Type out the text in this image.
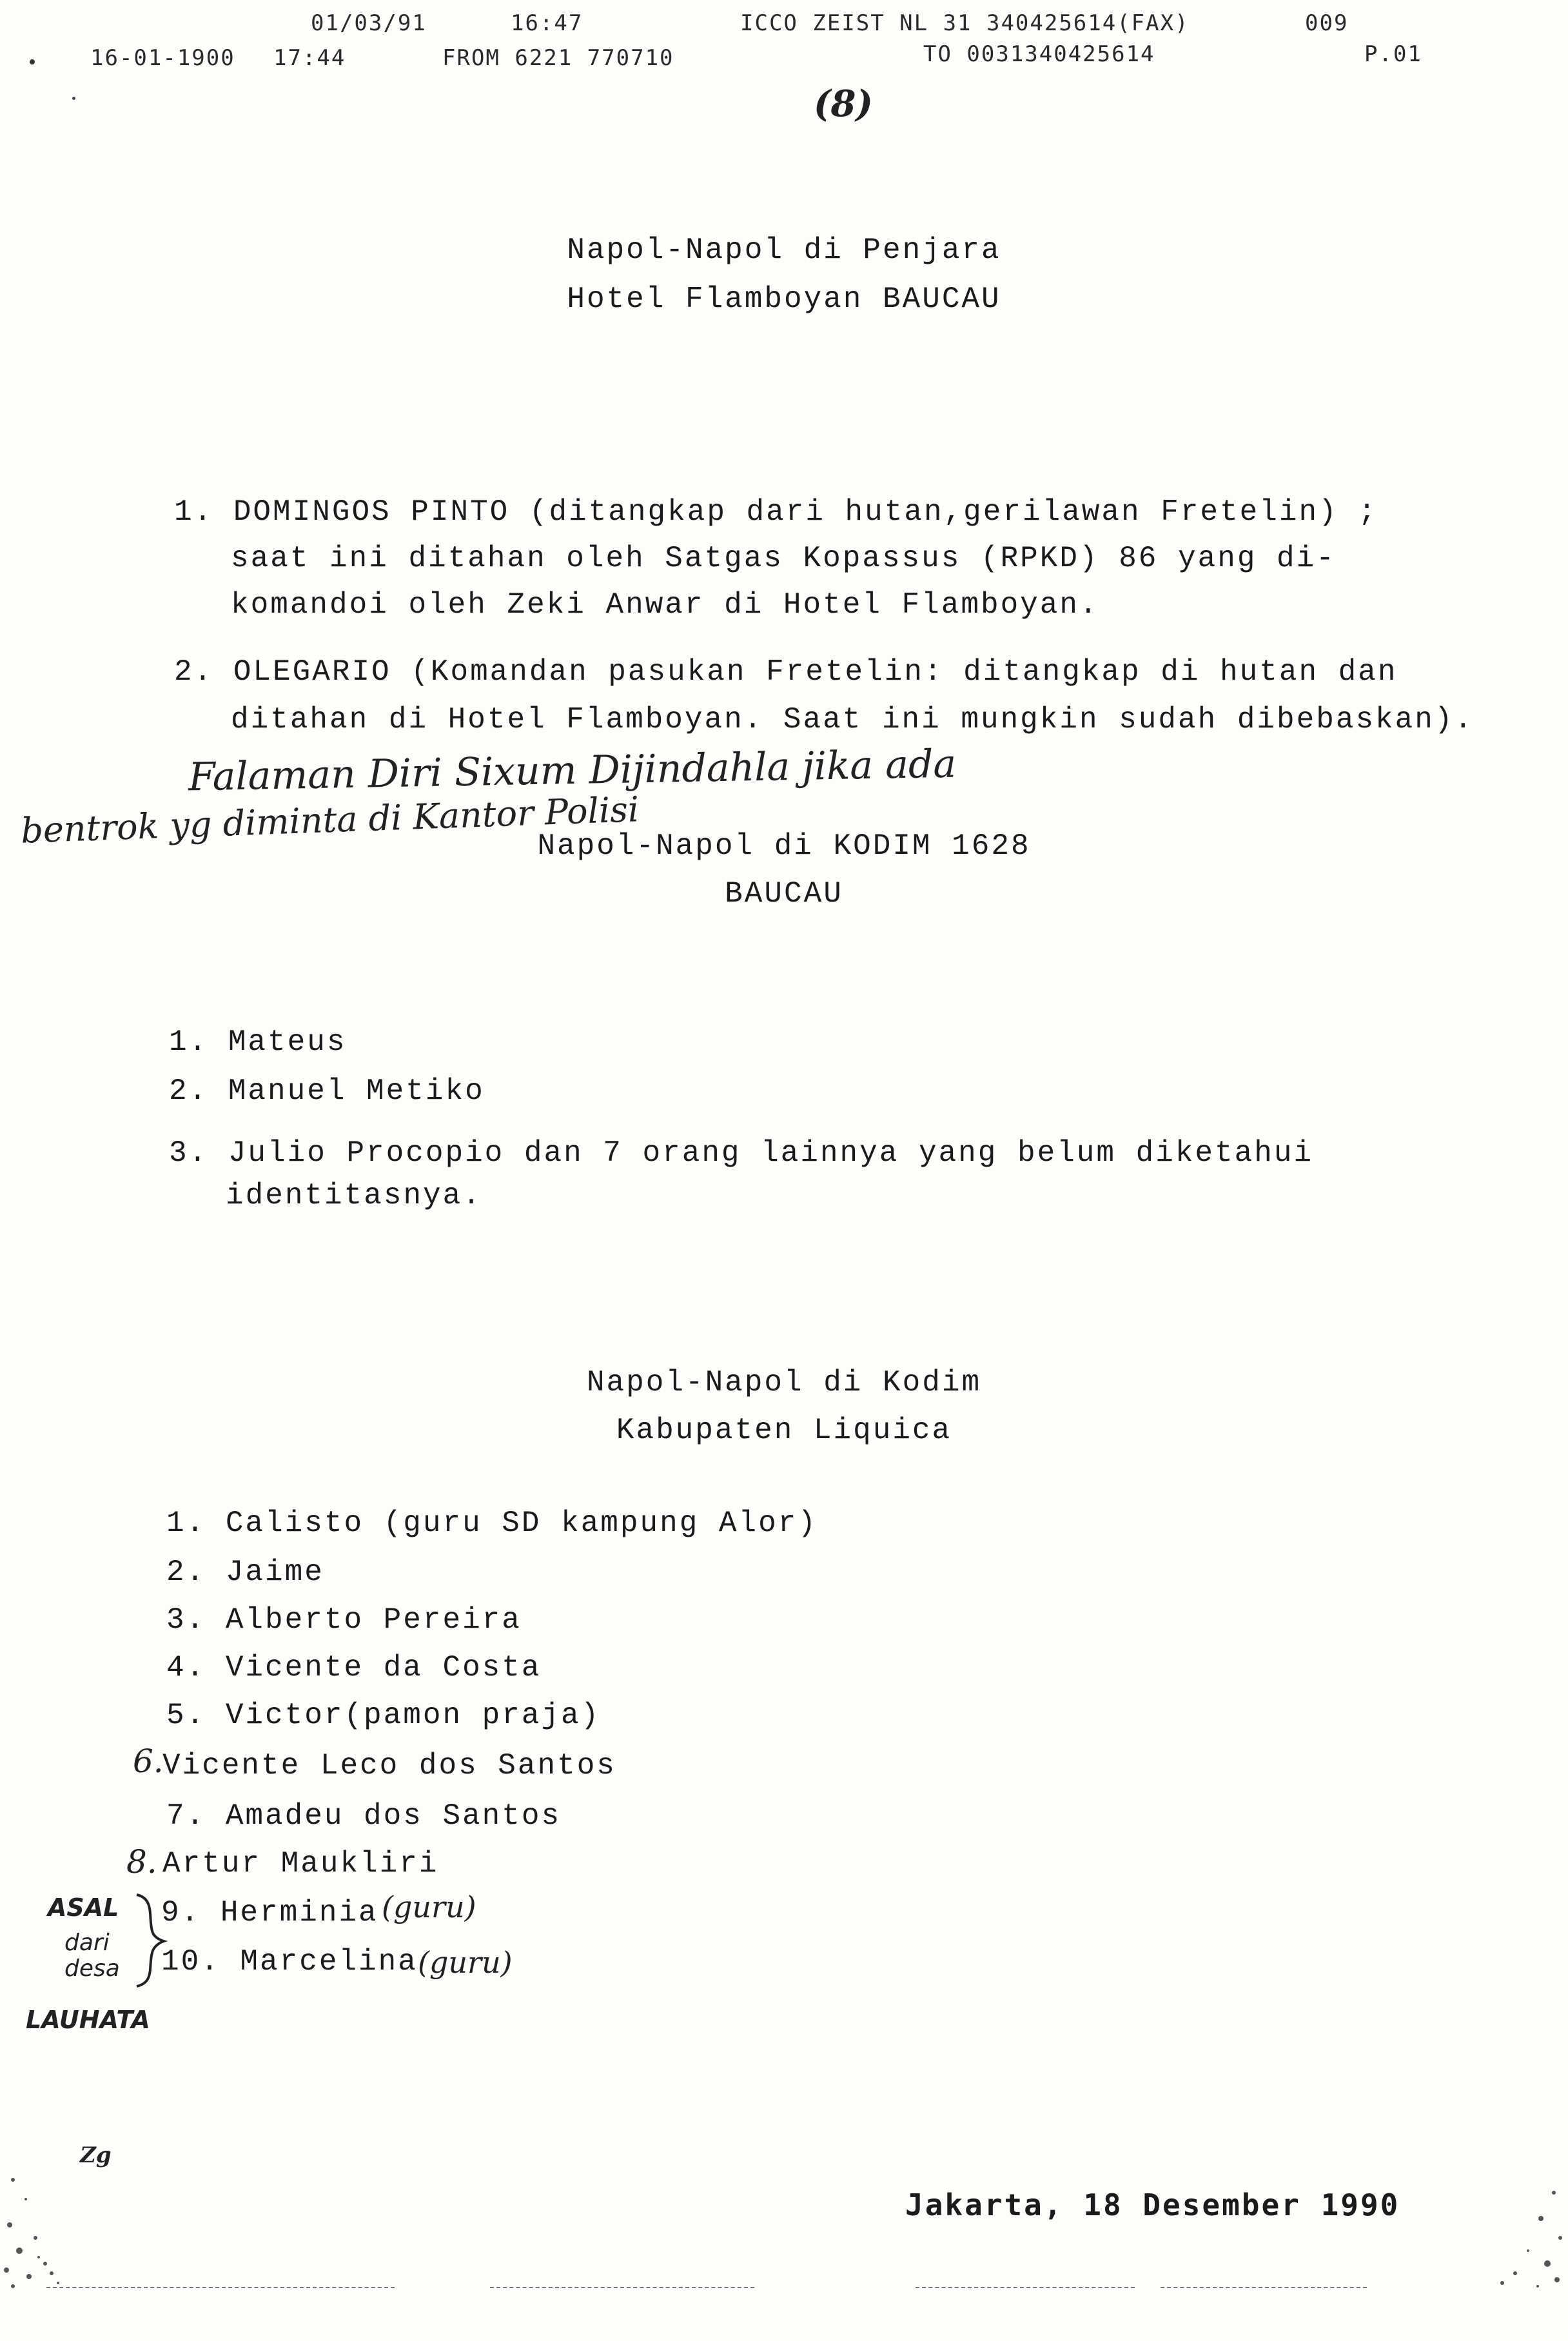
01/03/91	16:47	ICCO ZEIST NL 31 340425614(FAX)	009
16-01-1900 17:44	FROM 6221 770710	TO 0031340425614	P.01
(8)
Napol-Napol di Penjara
Hotel Flamboyan BAUCAU
1. DOMINGOS PINTO (ditangkap dari hutan,gerilawan Fretelin) ;
saat ini ditahan oleh Satgas Kopassus (RPKD) 86 yang di-
komandoi oleh Zeki Anwar di Hotel Flamboyan.
2. OLEGARIO (Komandan pasukan Fretelin: ditangkap di hutan dan
ditahan di Hotel Flamboyan. Saat ini mungkin sudah dibebaskan).
Falaman Diri Sixum Dijindahla jika ada
bentrok yg diminta di Kantor Polisi
Napol-Napol di KODIM 1628
BAUCAU
1. Mateus
2. Manuel Metiko
3. Julio Procopio dan 7 orang lainnya yang belum diketahui
identitasnya.
Napol-Napol di Kodim
Kabupaten Liquica
1. Calisto (guru SD kampung Alor)
2. Jaime
3. Alberto Pereira
4. Vicente da Costa
5. Victor(pamon praja)
6.
Vicente Leco dos Santos
7. Amadeu dos Santos
8. Artur Maukliri
9. Herminia (guru)
10. Marcelina (guru)
ASAL
dari
desa
LAUHATA
Zg
Jakarta, 18 Desember 1990
